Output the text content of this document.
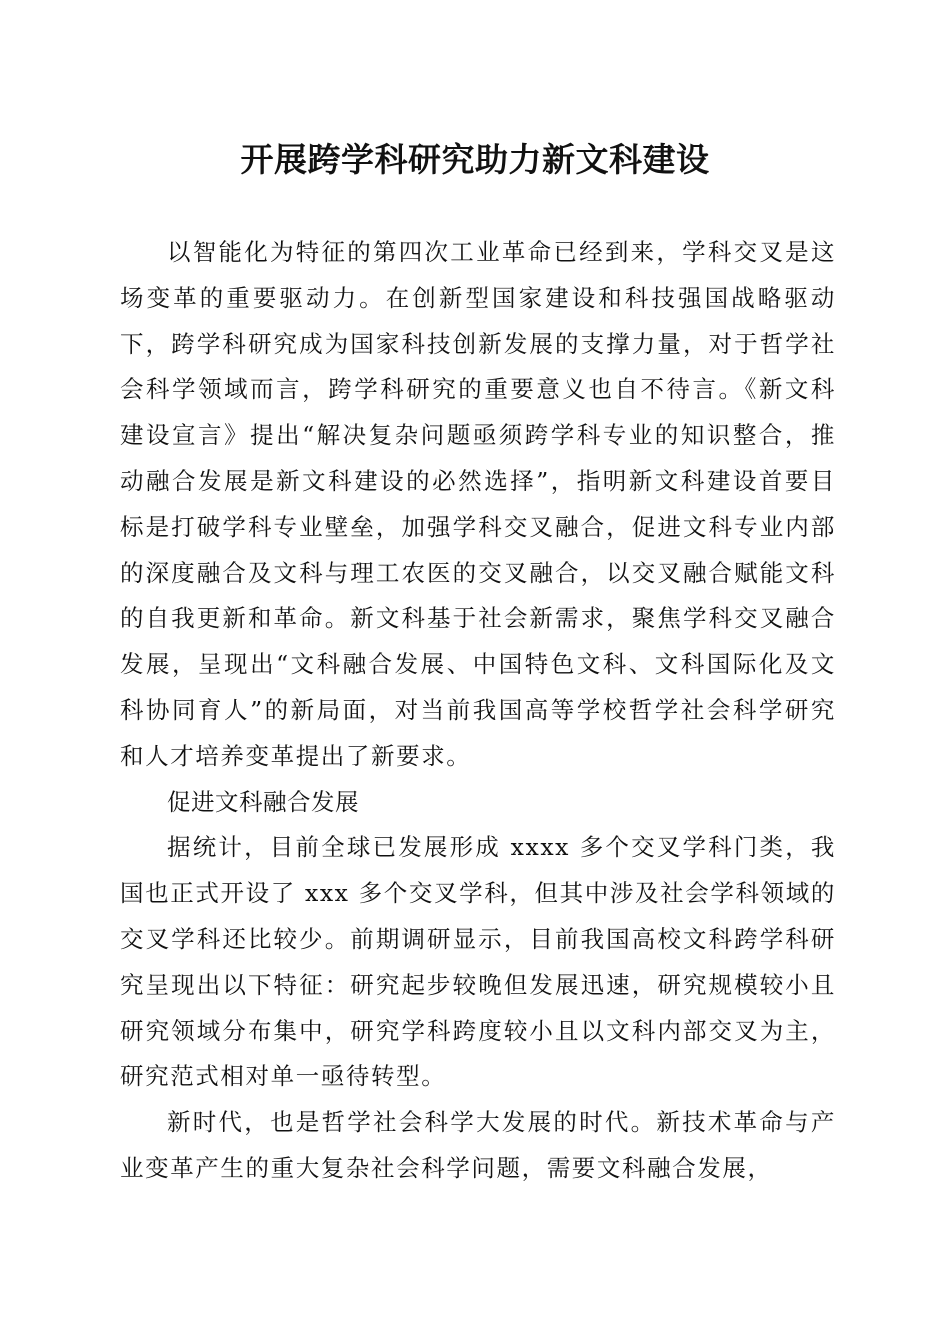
开展跨学科研究助力新文科建设

以智能化为特征的第四次工业革命已经到来，学科交叉是这场变革的重要驱动力。在创新型国家建设和科技强国战略驱动下，跨学科研究成为国家科技创新发展的支撑力量，对于哲学社会科学领域而言，跨学科研究的重要意义也自不待言。《新文科建设宣言》提出“解决复杂问题亟须跨学科专业的知识整合，推动融合发展是新文科建设的必然选择”，指明新文科建设首要目标是打破学科专业壁垒，加强学科交叉融合，促进文科专业内部的深度融合及文科与理工农医的交叉融合，以交叉融合赋能文科的自我更新和革命。新文科基于社会新需求，聚焦学科交叉融合发展，呈现出“文科融合发展、中国特色文科、文科国际化及文科协同育人”的新局面，对当前我国高等学校哲学社会科学研究和人才培养变革提出了新要求。

促进文科融合发展

据统计，目前全球已发展形成 xxxx 多个交叉学科门类，我国也正式开设了 xxx 多个交叉学科，但其中涉及社会学科领域的交叉学科还比较少。前期调研显示，目前我国高校文科跨学科研究呈现出以下特征：研究起步较晚但发展迅速，研究规模较小且研究领域分布集中，研究学科跨度较小且以文科内部交叉为主，研究范式相对单一亟待转型。

新时代，也是哲学社会科学大发展的时代。新技术革命与产业变革产生的重大复杂社会科学问题，需要文科融合发展，
